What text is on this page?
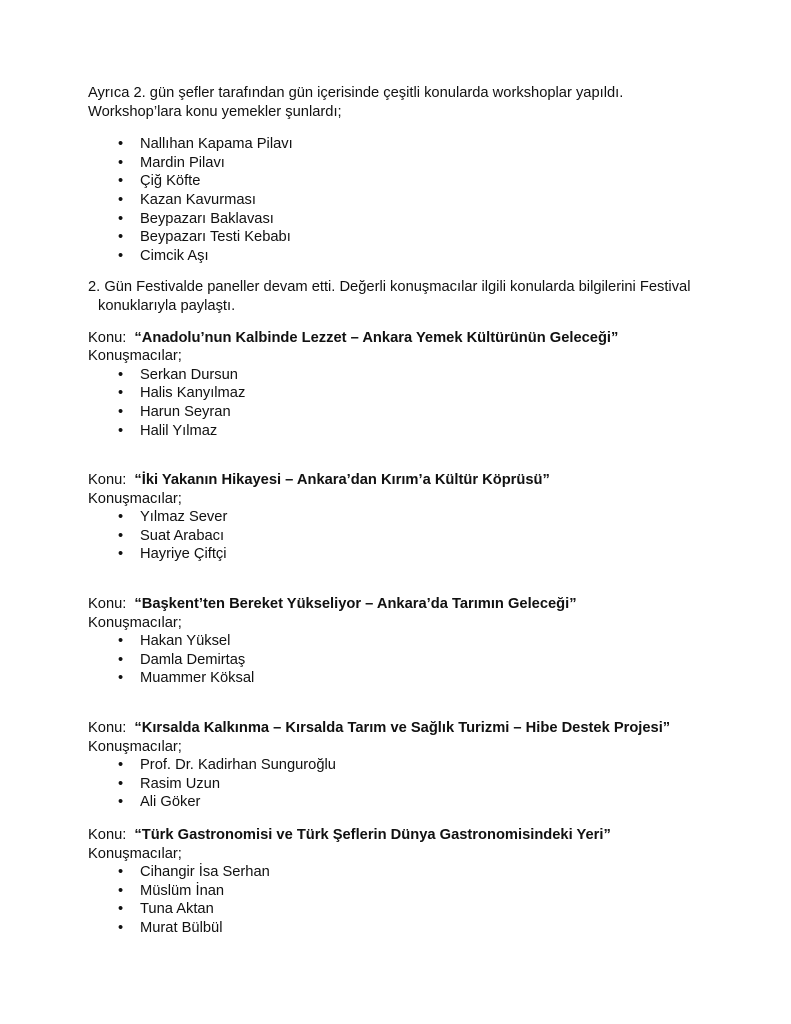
Ayrıca 2. gün şefler tarafından gün içerisinde çeşitli konularda workshoplar yapıldı.
Workshop’lara konu yemekler şunlardı;

• Nallıhan Kapama Pilavı
• Mardin Pilavı
• Çiğ Köfte
• Kazan Kavurması
• Beypazarı Baklavası
• Beypazarı Testi Kebabı
• Cimcik Aşı

2. Gün Festivalde paneller devam etti. Değerli konuşmacılar ilgili konularda bilgilerini Festival
konuklarıyla paylaştı.

Konu: “Anadolu’nun Kalbinde Lezzet – Ankara Yemek Kültürünün Geleceği”

Konuşmacılar;

• Serkan Dursun
• Halis Kanyılmaz
• Harun Seyran
• Halil Yılmaz

Konu: “İki Yakanın Hikayesi – Ankara’dan Kırım’a Kültür Köprüsü”

Konuşmacılar;

• Yılmaz Sever
• Suat Arabacı
• Hayriye Çiftçi

Konu: “Başkent’ten Bereket Yükseliyor – Ankara’da Tarımın Geleceği”

Konuşmacılar;

• Hakan Yüksel
• Damla Demirtaş
• Muammer Köksal

Konu: “Kırsalda Kalkınma – Kırsalda Tarım ve Sağlık Turizmi – Hibe Destek Projesi”

Konuşmacılar;

• Prof. Dr. Kadirhan Sunguroğlu
• Rasim Uzun
• Ali Göker

Konu: “Türk Gastronomisi ve Türk Şeflerin Dünya Gastronomisindeki Yeri”

Konuşmacılar;

• Cihangir İsa Serhan
• Müslüm İnan
• Tuna Aktan
• Murat Bülbül
